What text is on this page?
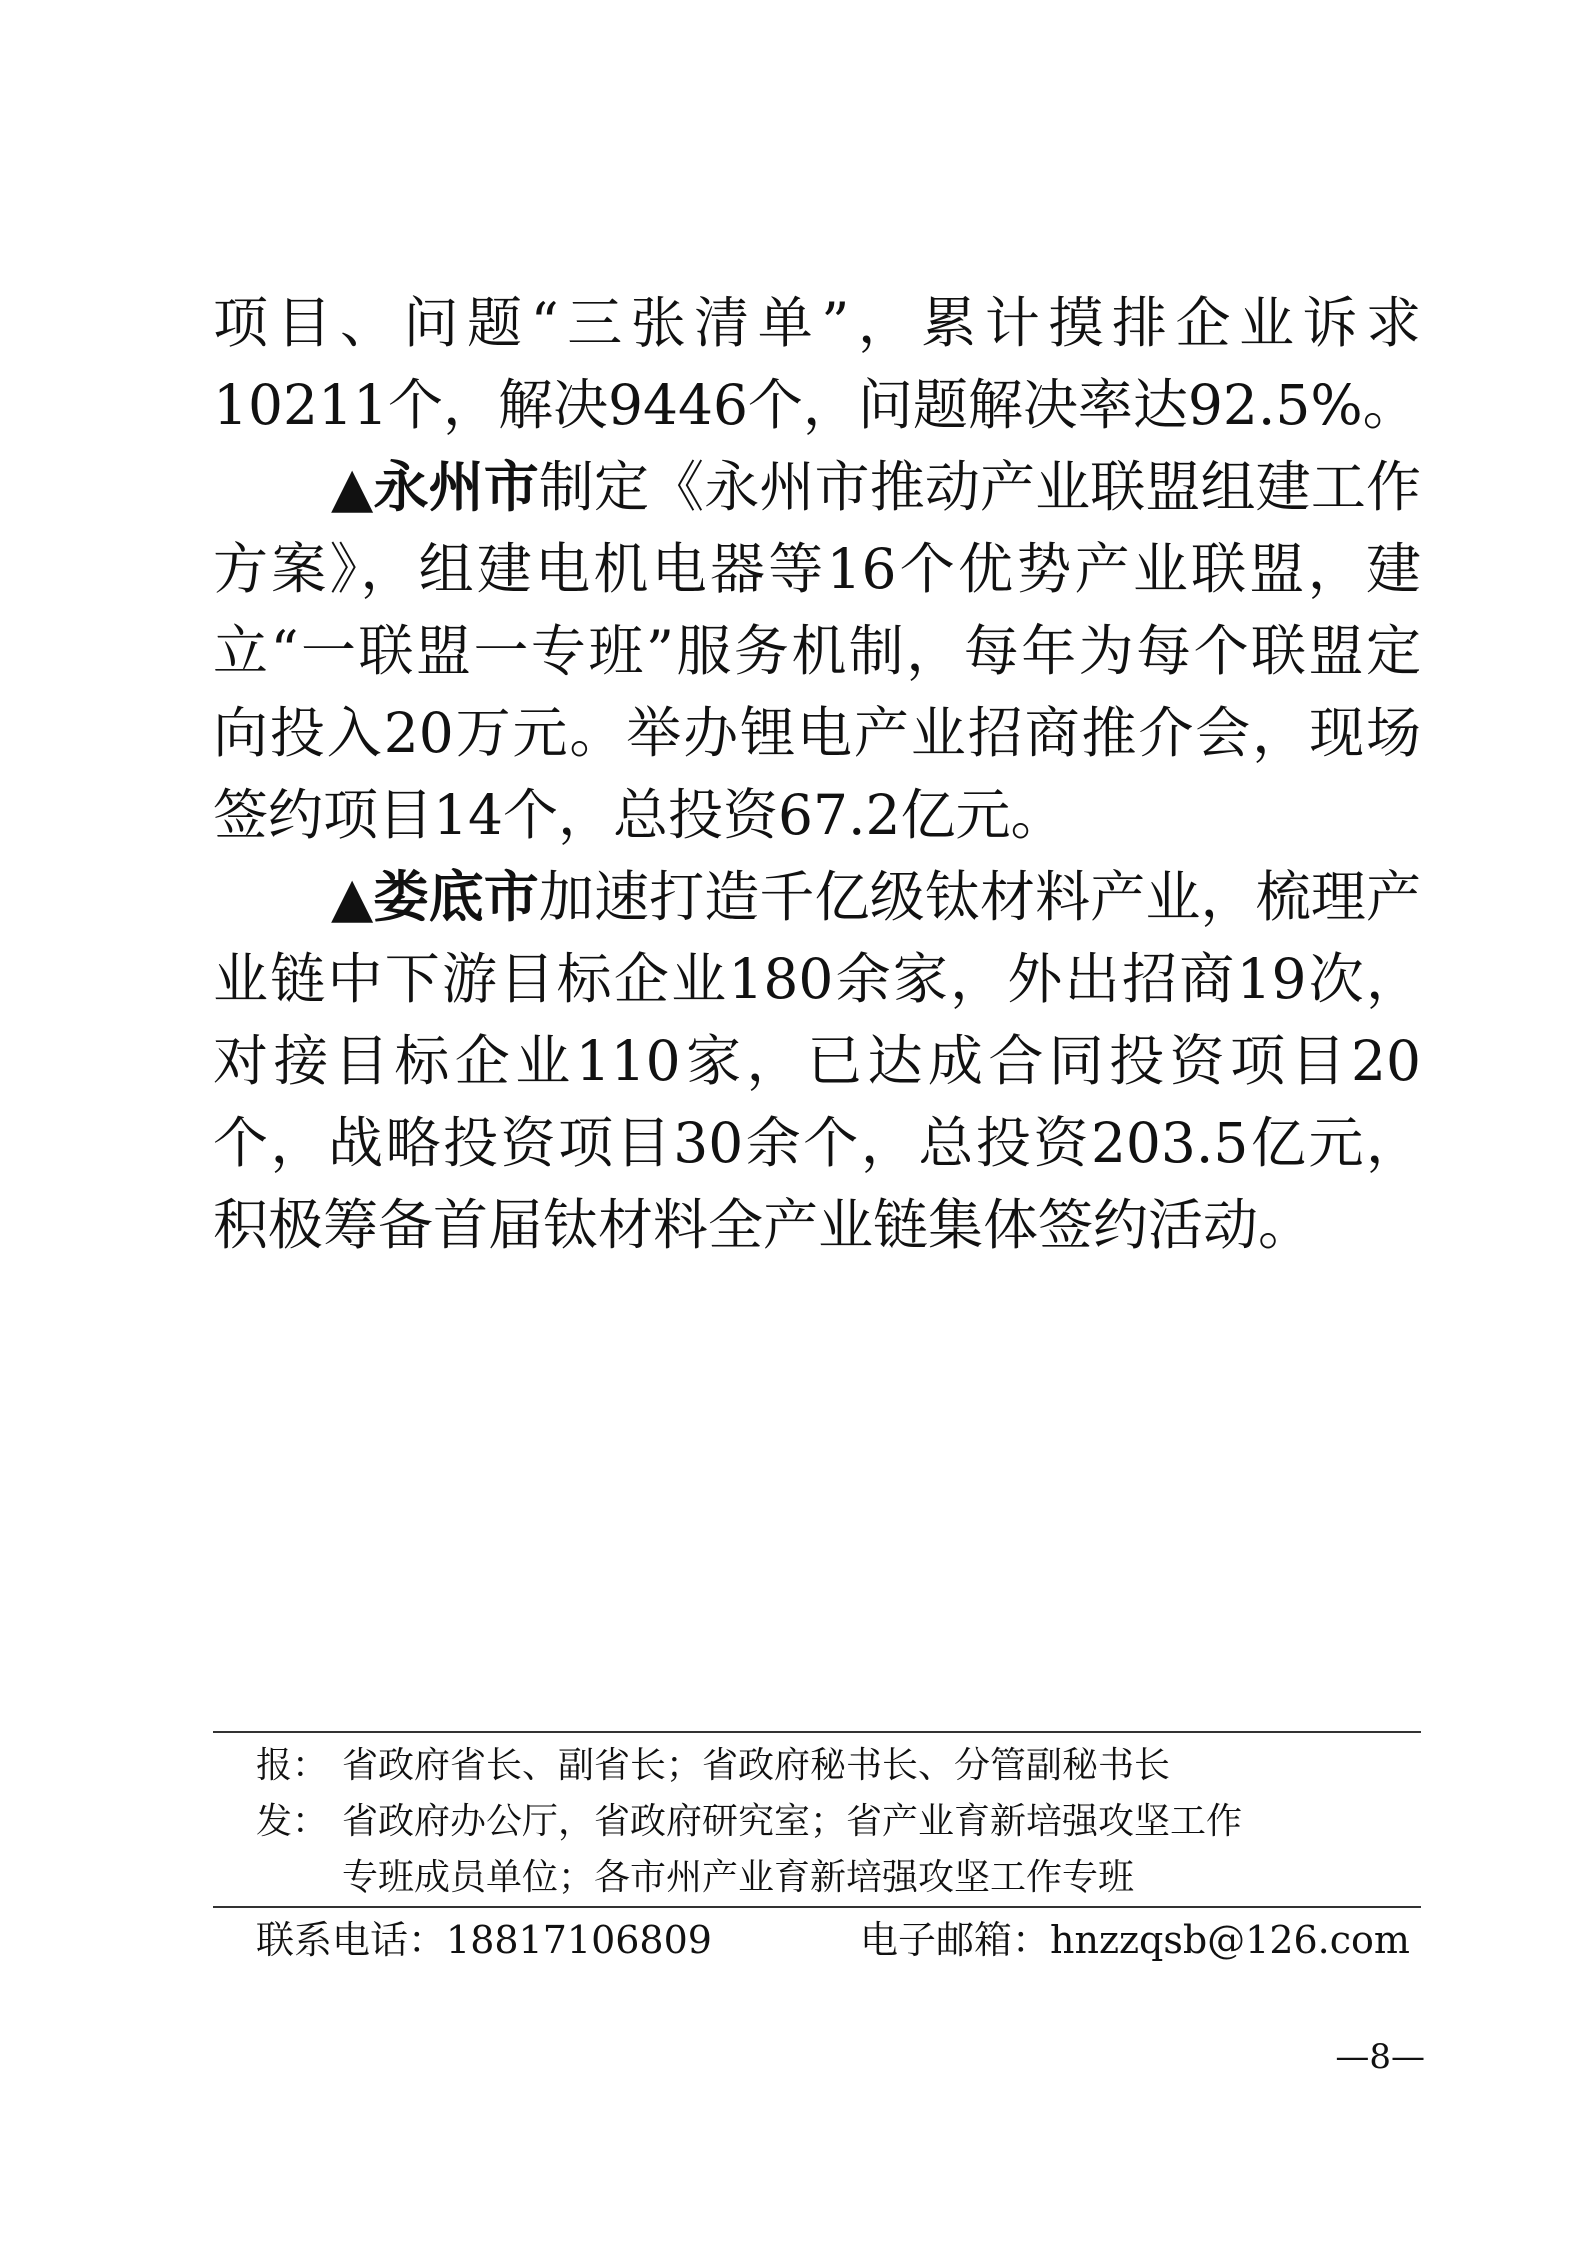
项目、问题“三张清单”，累计摸排企业诉求10211个，解决9446个，问题解决率达92.5%。

▲永州市制定《永州市推动产业联盟组建工作方案》，组建电机电器等16个优势产业联盟，建立“一联盟一专班”服务机制，每年为每个联盟定向投入20万元。举办锂电产业招商推介会，现场签约项目14个，总投资67.2亿元。

▲娄底市加速打造千亿级钛材料产业，梳理产业链中下游目标企业180余家，外出招商19次，对接目标企业110家，已达成合同投资项目20个，战略投资项目30余个，总投资203.5亿元，积极筹备首届钛材料全产业链集体签约活动。

报： 省政府省长、副省长；省政府秘书长、分管副秘书长
发： 省政府办公厅，省政府研究室；省产业育新培强攻坚工作
专班成员单位；各市州产业育新培强攻坚工作专班
联系电话：18817106809	电子邮箱：hnzzqsb@126.com
—8—
